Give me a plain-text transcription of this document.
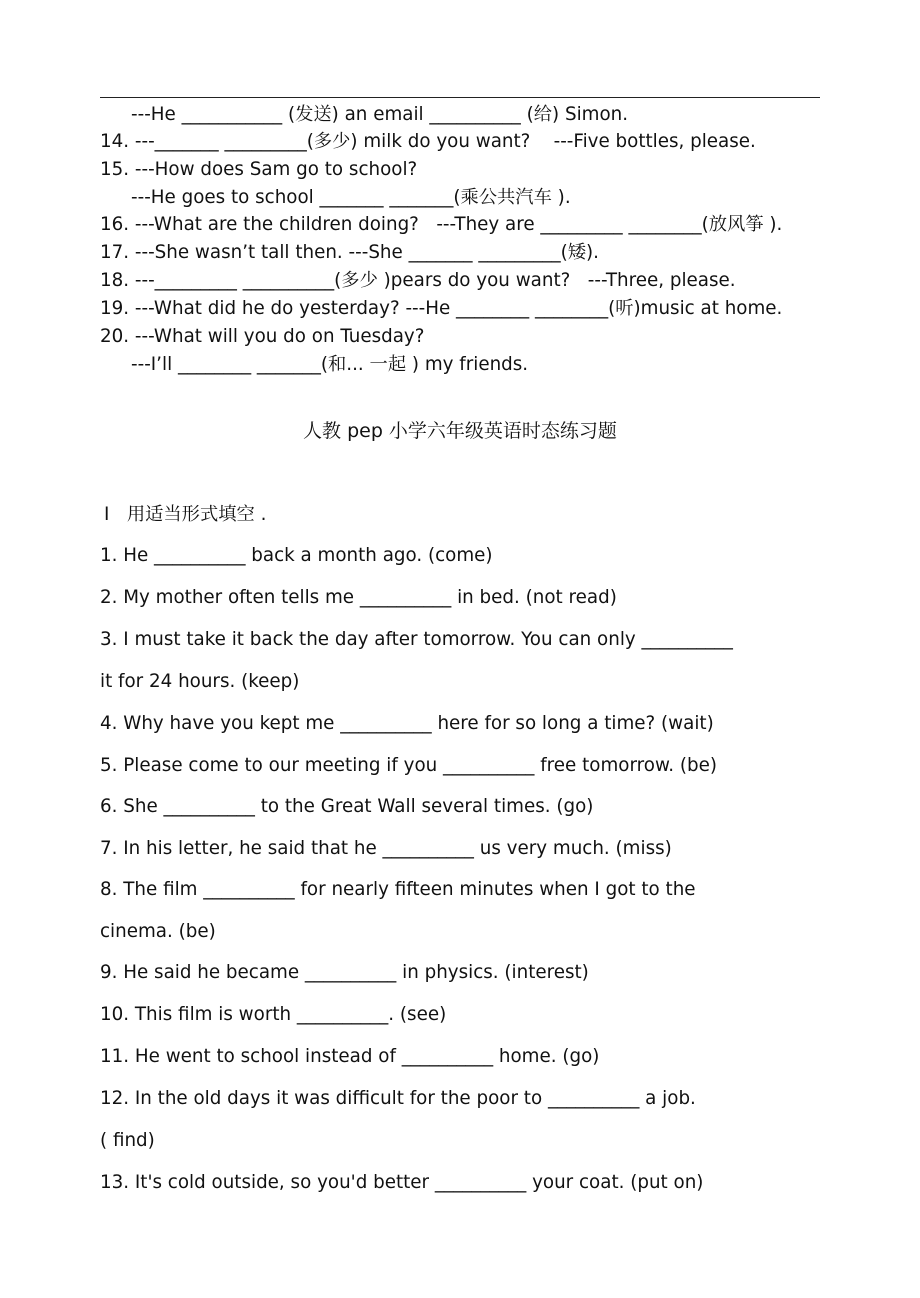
---He ___________ (发送) an email __________ (给) Simon.
14. ---_______ _________(多少) milk do you want?    ---Five bottles, please.
15. ---How does Sam go to school?
---He goes to school _______ _______(乘公共汽车 ).
16. ---What are the children doing?   ---They are _________ ________(放风筝 ).
17. ---She wasn’t tall then. ---She _______ _________(矮).
18. ---_________ __________(多少 )pears do you want?   ---Three, please.
19. ---What did he do yesterday? ---He ________ ________(听)music at home.
20. ---What will you do on Tuesday?
---I’ll ________ _______(和... 一起 ) my friends.
人教 pep 小学六年级英语时态练习题
Ⅰ   用适当形式填空 .
1. He __________ back a month ago. (come)
2. My mother often tells me __________ in bed. (not read)
3. I must take it back the day after tomorrow. You can only __________
it for 24 hours. (keep)
4. Why have you kept me __________ here for so long a time? (wait)
5. Please come to our meeting if you __________ free tomorrow. (be)
6. She __________ to the Great Wall several times. (go)
7. In his letter, he said that he __________ us very much. (miss)
8. The film __________ for nearly fifteen minutes when I got to the
cinema. (be)
9. He said he became __________ in physics. (interest)
10. This film is worth __________. (see)
11. He went to school instead of __________ home. (go)
12. In the old days it was difficult for the poor to __________ a job.
( find)
13. It's cold outside, so you'd better __________ your coat. (put on)
